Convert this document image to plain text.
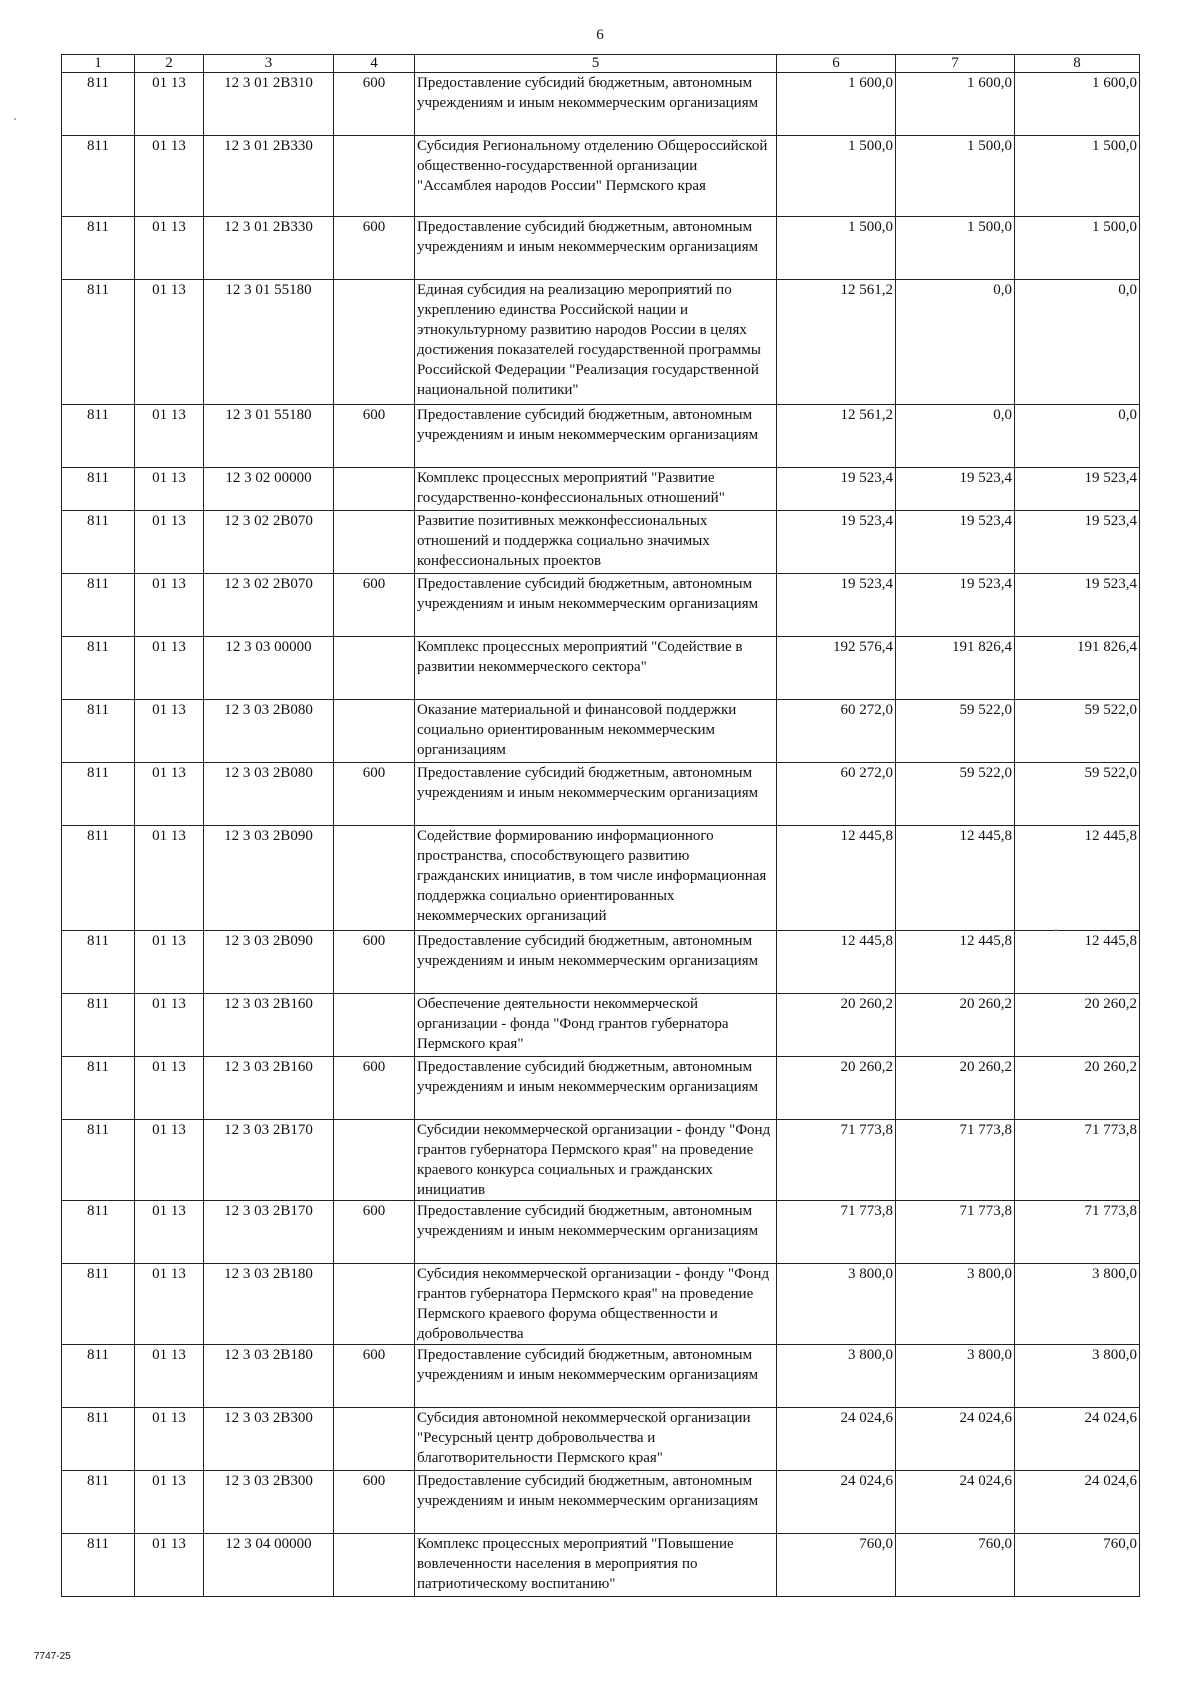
6
1	2	3	4	5	6	7	8
811	01 13	12 3 01 2В310	600	Предоставление субсидий бюджетным, автономным учреждениям и иным некоммерческим организациям	1 600,0	1 600,0	1 600,0
811	01 13	12 3 01 2В330		Субсидия Региональному отделению Общероссийской общественно-государственной организации "Ассамблея народов России" Пермского края	1 500,0	1 500,0	1 500,0
811	01 13	12 3 01 2В330	600	Предоставление субсидий бюджетным, автономным учреждениям и иным некоммерческим организациям	1 500,0	1 500,0	1 500,0
811	01 13	12 3 01 55180		Единая субсидия на реализацию мероприятий по укреплению единства Российской нации и этнокультурному развитию народов России в целях достижения показателей государственной программы Российской Федерации "Реализация государственной национальной политики"	12 561,2	0,0	0,0
811	01 13	12 3 01 55180	600	Предоставление субсидий бюджетным, автономным учреждениям и иным некоммерческим организациям	12 561,2	0,0	0,0
811	01 13	12 3 02 00000		Комплекс процессных мероприятий "Развитие государственно-конфессиональных отношений"	19 523,4	19 523,4	19 523,4
811	01 13	12 3 02 2В070		Развитие позитивных межконфессиональных отношений и поддержка социально значимых конфессиональных проектов	19 523,4	19 523,4	19 523,4
811	01 13	12 3 02 2В070	600	Предоставление субсидий бюджетным, автономным учреждениям и иным некоммерческим организациям	19 523,4	19 523,4	19 523,4
811	01 13	12 3 03 00000		Комплекс процессных мероприятий "Содействие в развитии некоммерческого сектора"	192 576,4	191 826,4	191 826,4
811	01 13	12 3 03 2В080		Оказание материальной и финансовой поддержки социально ориентированным некоммерческим организациям	60 272,0	59 522,0	59 522,0
811	01 13	12 3 03 2В080	600	Предоставление субсидий бюджетным, автономным учреждениям и иным некоммерческим организациям	60 272,0	59 522,0	59 522,0
811	01 13	12 3 03 2В090		Содействие формированию информационного пространства, способствующего развитию гражданских инициатив, в том числе информационная поддержка социально ориентированных некоммерческих организаций	12 445,8	12 445,8	12 445,8
811	01 13	12 3 03 2В090	600	Предоставление субсидий бюджетным, автономным учреждениям и иным некоммерческим организациям	12 445,8	12 445,8	12 445,8
811	01 13	12 3 03 2В160		Обеспечение деятельности некоммерческой организации - фонда "Фонд грантов губернатора Пермского края"	20 260,2	20 260,2	20 260,2
811	01 13	12 3 03 2В160	600	Предоставление субсидий бюджетным, автономным учреждениям и иным некоммерческим организациям	20 260,2	20 260,2	20 260,2
811	01 13	12 3 03 2В170		Субсидии некоммерческой организации - фонду "Фонд грантов губернатора Пермского края" на проведение краевого конкурса социальных и гражданских инициатив	71 773,8	71 773,8	71 773,8
811	01 13	12 3 03 2В170	600	Предоставление субсидий бюджетным, автономным учреждениям и иным некоммерческим организациям	71 773,8	71 773,8	71 773,8
811	01 13	12 3 03 2В180		Субсидия некоммерческой организации - фонду "Фонд грантов губернатора Пермского края" на проведение Пермского краевого форума общественности и добровольчества	3 800,0	3 800,0	3 800,0
811	01 13	12 3 03 2В180	600	Предоставление субсидий бюджетным, автономным учреждениям и иным некоммерческим организациям	3 800,0	3 800,0	3 800,0
811	01 13	12 3 03 2В300		Субсидия автономной некоммерческой организации "Ресурсный центр добровольчества и благотворительности Пермского края"	24 024,6	24 024,6	24 024,6
811	01 13	12 3 03 2В300	600	Предоставление субсидий бюджетным, автономным учреждениям и иным некоммерческим организациям	24 024,6	24 024,6	24 024,6
811	01 13	12 3 04 00000		Комплекс процессных мероприятий "Повышение вовлеченности населения в мероприятия по патриотическому воспитанию"	760,0	760,0	760,0
7747-25
